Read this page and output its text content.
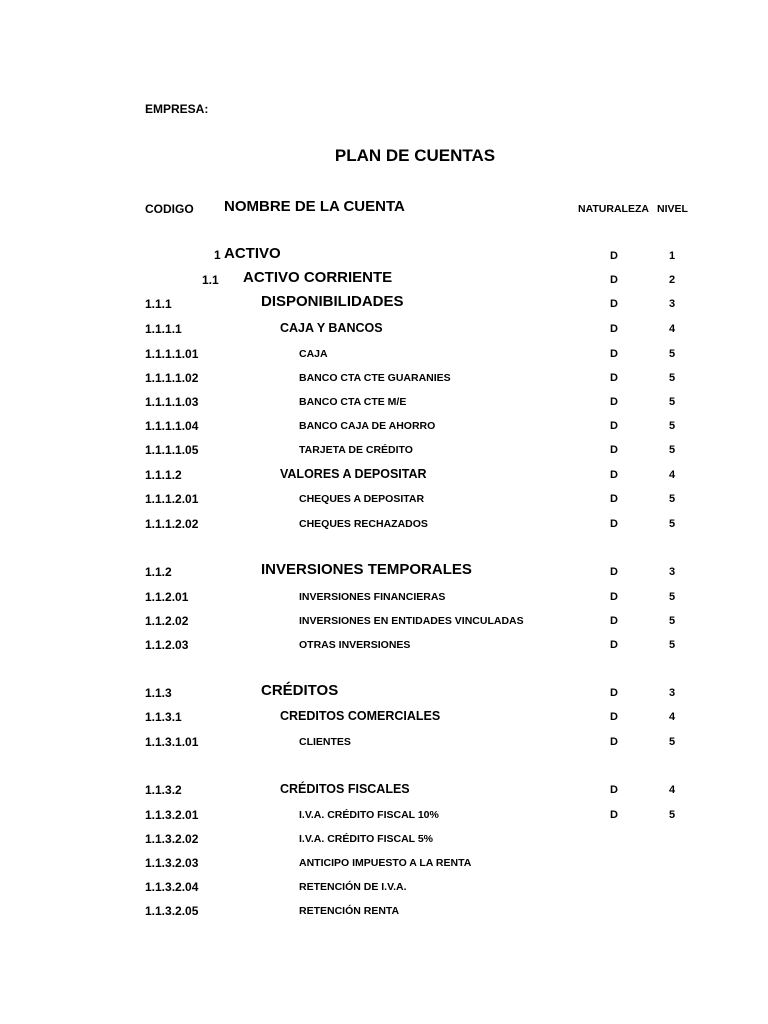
EMPRESA:
PLAN DE CUENTAS
CODIGO NOMBRE DE LA CUENTA	NATURALEZA NIVEL
1 ACTIVO	D	1
1.1 ACTIVO CORRIENTE	D	2
1.1.1	DISPONIBILIDADES	D	3
1.1.1.1	CAJA Y BANCOS	D	4
1.1.1.1.01	CAJA	D	5
1.1.1.1.02	BANCO CTA CTE GUARANIES	D	5
1.1.1.1.03	BANCO CTA CTE M/E	D	5
1.1.1.1.04	BANCO CAJA DE AHORRO	D	5
1.1.1.1.05	TARJETA DE CRÉDITO	D	5
1.1.1.2	VALORES A DEPOSITAR	D	4
1.1.1.2.01	CHEQUES A DEPOSITAR	D	5
1.1.1.2.02	CHEQUES RECHAZADOS	D	5
1.1.2	INVERSIONES TEMPORALES	D	3
1.1.2.01	INVERSIONES FINANCIERAS	D	5
1.1.2.02	INVERSIONES EN ENTIDADES VINCULADAS	D	5
1.1.2.03	OTRAS INVERSIONES	D	5
1.1.3	CRÉDITOS	D	3
1.1.3.1	CREDITOS COMERCIALES	D	4
1.1.3.1.01	CLIENTES	D	5
1.1.3.2	CRÉDITOS FISCALES	D	4
1.1.3.2.01	I.V.A. CRÉDITO FISCAL 10%	D	5
1.1.3.2.02	I.V.A. CRÉDITO FISCAL 5%
1.1.3.2.03	ANTICIPO IMPUESTO A LA RENTA
1.1.3.2.04	RETENCIÓN DE I.V.A.
1.1.3.2.05	RETENCIÓN RENTA
